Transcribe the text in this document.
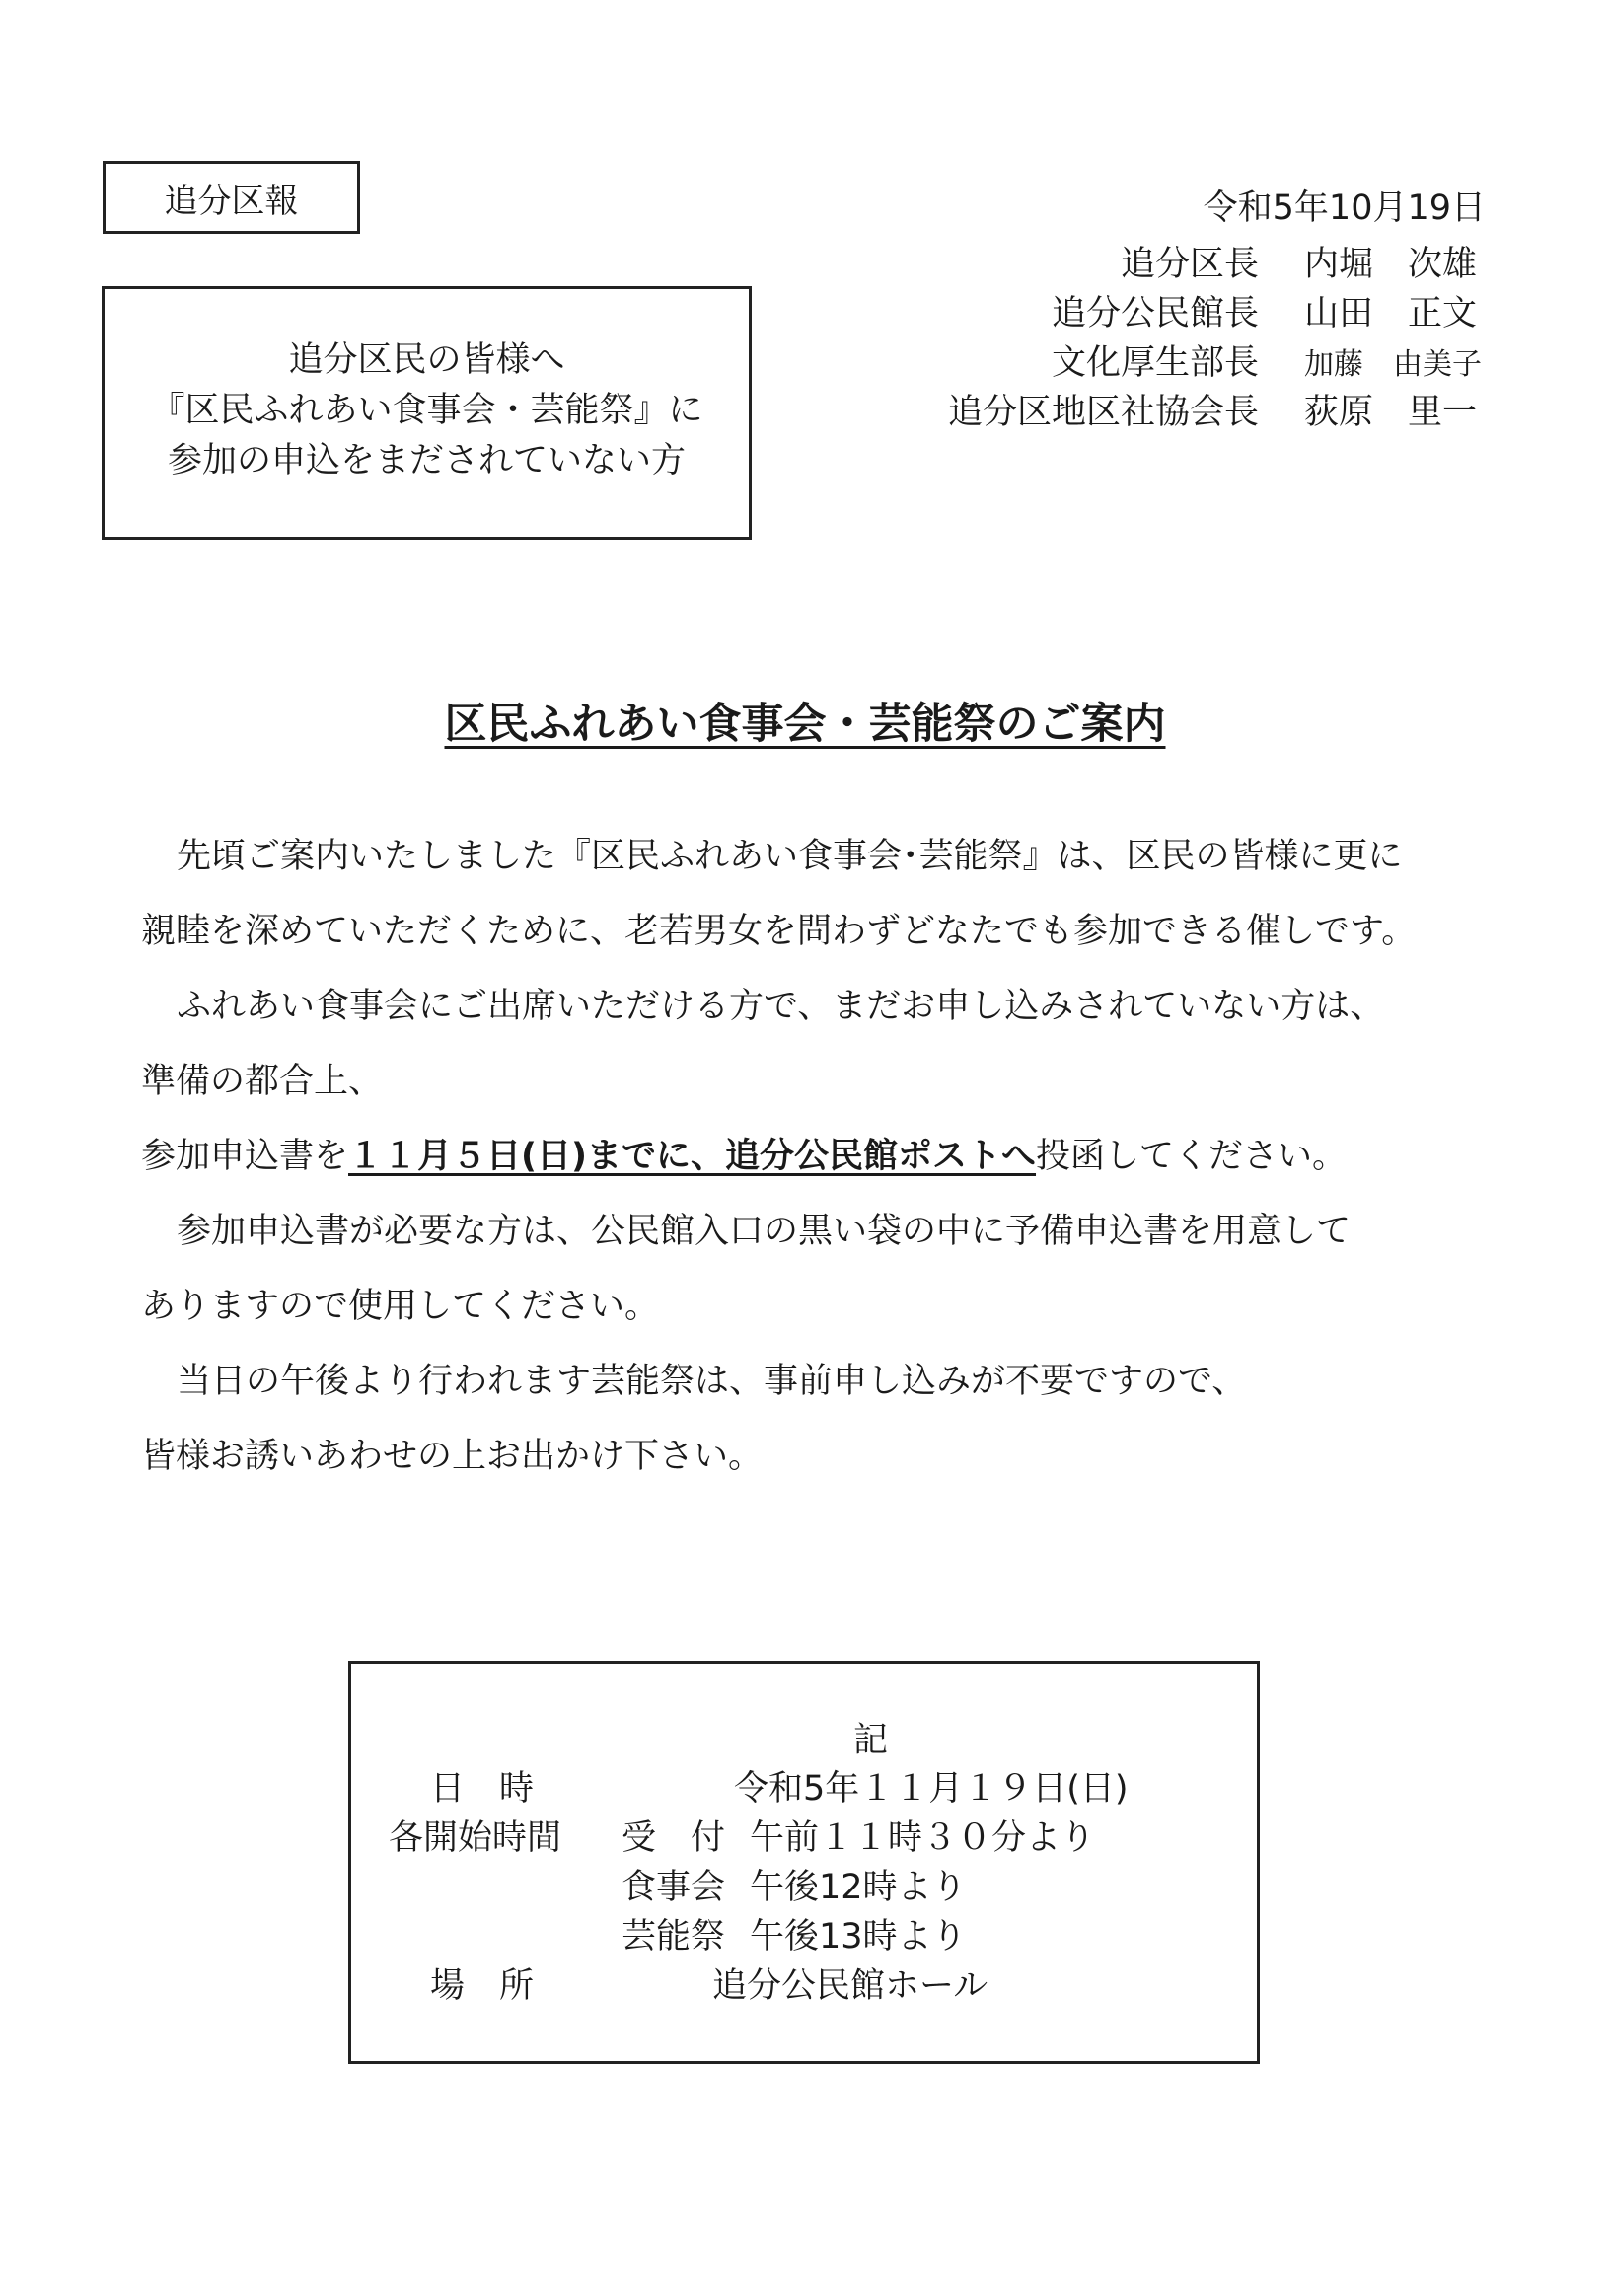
追分区報
追分区民の皆様へ
『区民ふれあい食事会・芸能祭』に
参加の申込をまだされていない方
令和5年10月19日
追分区長 内堀　次雄
追分公民館長 山田　正文
文化厚生部長 加藤　由美子
追分区地区社協会長 荻原　里一
区民ふれあい食事会・芸能祭のご案内

先頃ご案内いたしました『区民ふれあい食事会･芸能祭』は、区民の皆様に更に

親睦を深めていただくために、老若男女を問わずどなたでも参加できる催しです。

ふれあい食事会にご出席いただける方で、まだお申し込みされていない方は、

準備の都合上、

参加申込書を１１月５日(日)までに、追分公民館ポストへ投函してください。

参加申込書が必要な方は、公民館入口の黒い袋の中に予備申込書を用意して

ありますので使用してください。

当日の午後より行われます芸能祭は、事前申し込みが不要ですので、

皆様お誘いあわせの上お出かけ下さい。

記
日　時	令和5年１１月１９日(日)
各開始時間 受　付 午前１１時３０分より
食事会 午後12時より
芸能祭 午後13時より
場　所	追分公民館ホール
